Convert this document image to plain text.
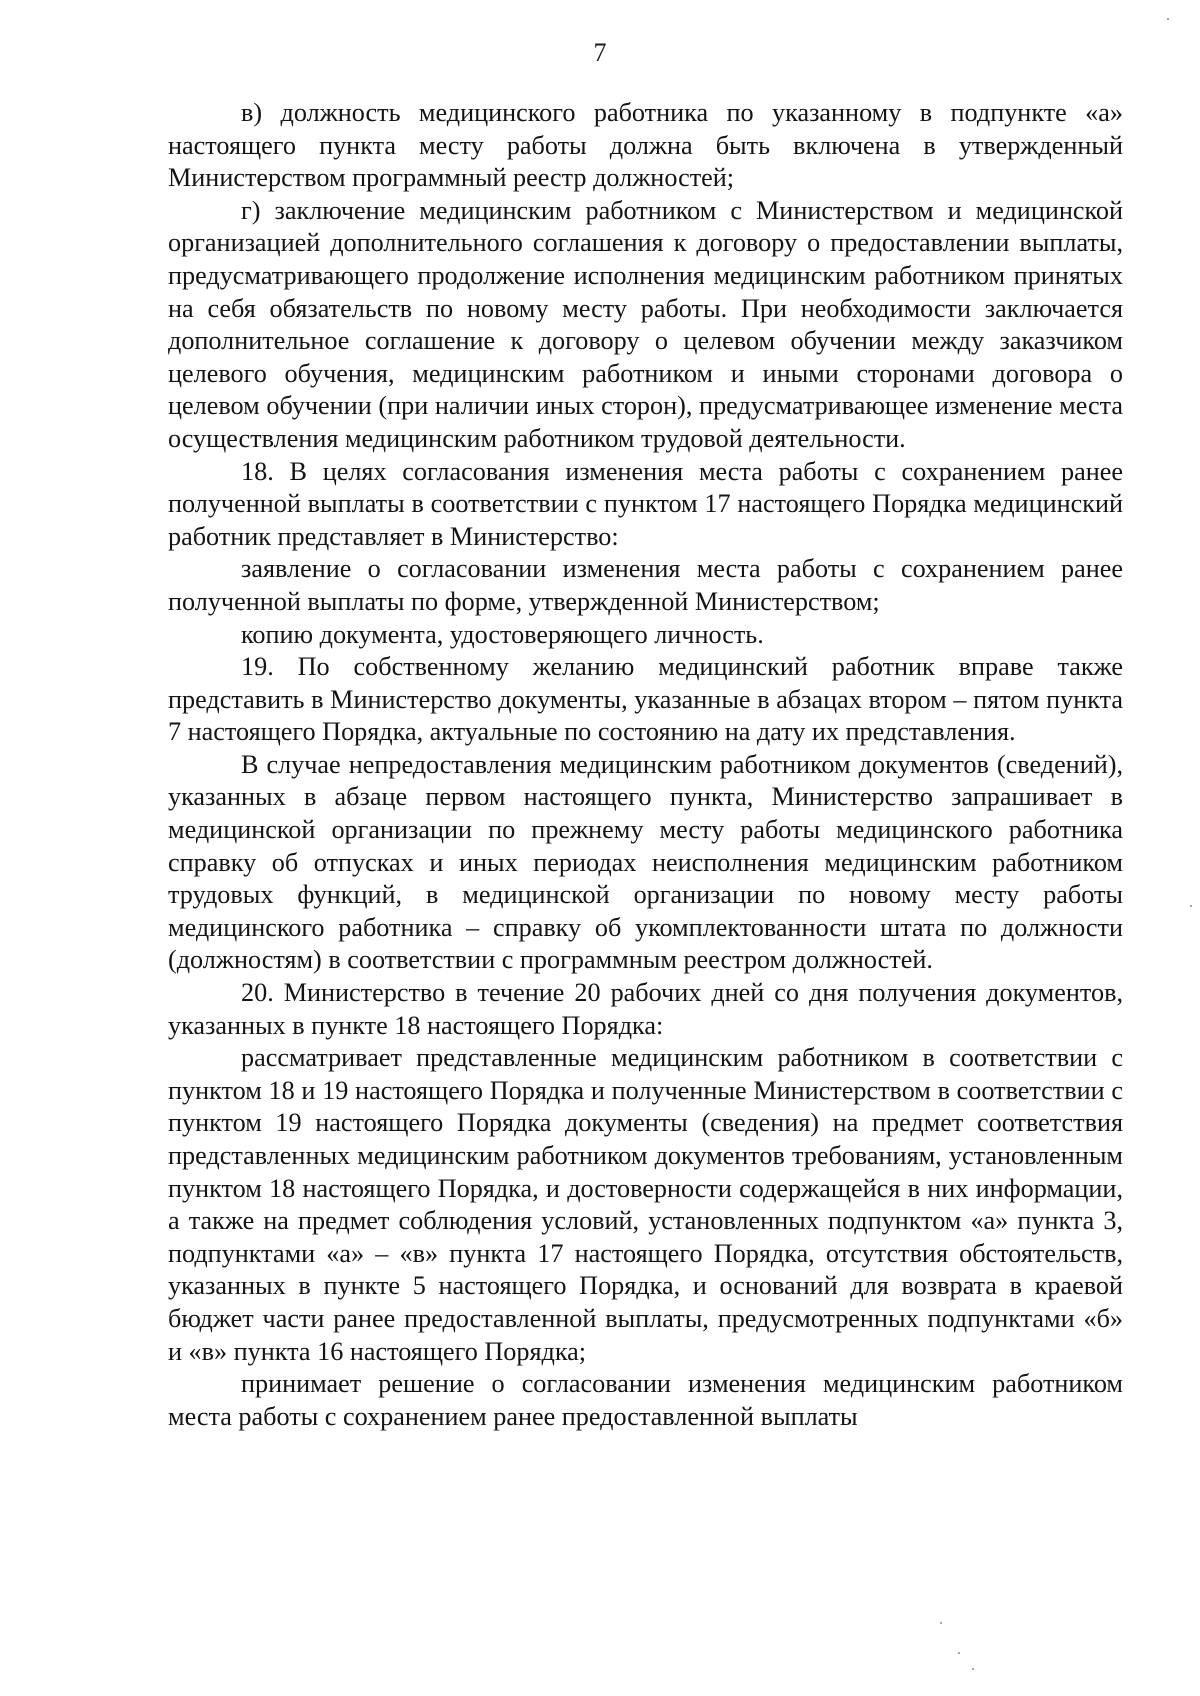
7

в) должность медицинского работника по указанному в подпункте «а» настоящего пункта месту работы должна быть включена в утвержденный Министерством программный реестр должностей;

г) заключение медицинским работником с Министерством и медицинской организацией дополнительного соглашения к договору о предоставлении выплаты, предусматривающего продолжение исполнения медицинским работником принятых на себя обязательств по новому месту работы. При необходимости заключается дополнительное соглашение к договору о целевом обучении между заказчиком целевого обучения, медицинским работником и иными сторонами договора о целевом обучении (при наличии иных сторон), предусматривающее изменение места осуществления медицинским работником трудовой деятельности.

18. В целях согласования изменения места работы с сохранением ранее полученной выплаты в соответствии с пунктом 17 настоящего Порядка медицинский работник представляет в Министерство:

заявление о согласовании изменения места работы с сохранением ранее полученной выплаты по форме, утвержденной Министерством;

копию документа, удостоверяющего личность.

19. По собственному желанию медицинский работник вправе также представить в Министерство документы, указанные в абзацах втором – пятом пункта 7 настоящего Порядка, актуальные по состоянию на дату их представления.

В случае непредоставления медицинским работником документов (сведений), указанных в абзаце первом настоящего пункта, Министерство запрашивает в медицинской организации по прежнему месту работы медицинского работника справку об отпусках и иных периодах неисполнения медицинским работником трудовых функций, в медицинской организации по новому месту работы медицинского работника – справку об укомплектованности штата по должности (должностям) в соответствии с программным реестром должностей.

20. Министерство в течение 20 рабочих дней со дня получения документов, указанных в пункте 18 настоящего Порядка:

рассматривает представленные медицинским работником в соответствии с пунктом 18 и 19 настоящего Порядка и полученные Министерством в соответствии с пунктом 19 настоящего Порядка документы (сведения) на предмет соответствия представленных медицинским работником документов требованиям, установленным пунктом 18 настоящего Порядка, и достоверности содержащейся в них информации, а также на предмет соблюдения условий, установленных подпунктом «а» пункта 3, подпунктами «а» – «в» пункта 17 настоящего Порядка, отсутствия обстоятельств, указанных в пункте 5 настоящего Порядка, и оснований для возврата в краевой бюджет части ранее предоставленной выплаты, предусмотренных подпунктами «б» и «в» пункта 16 настоящего Порядка;

принимает решение о согласовании изменения медицинским работником места работы с сохранением ранее предоставленной выплаты
